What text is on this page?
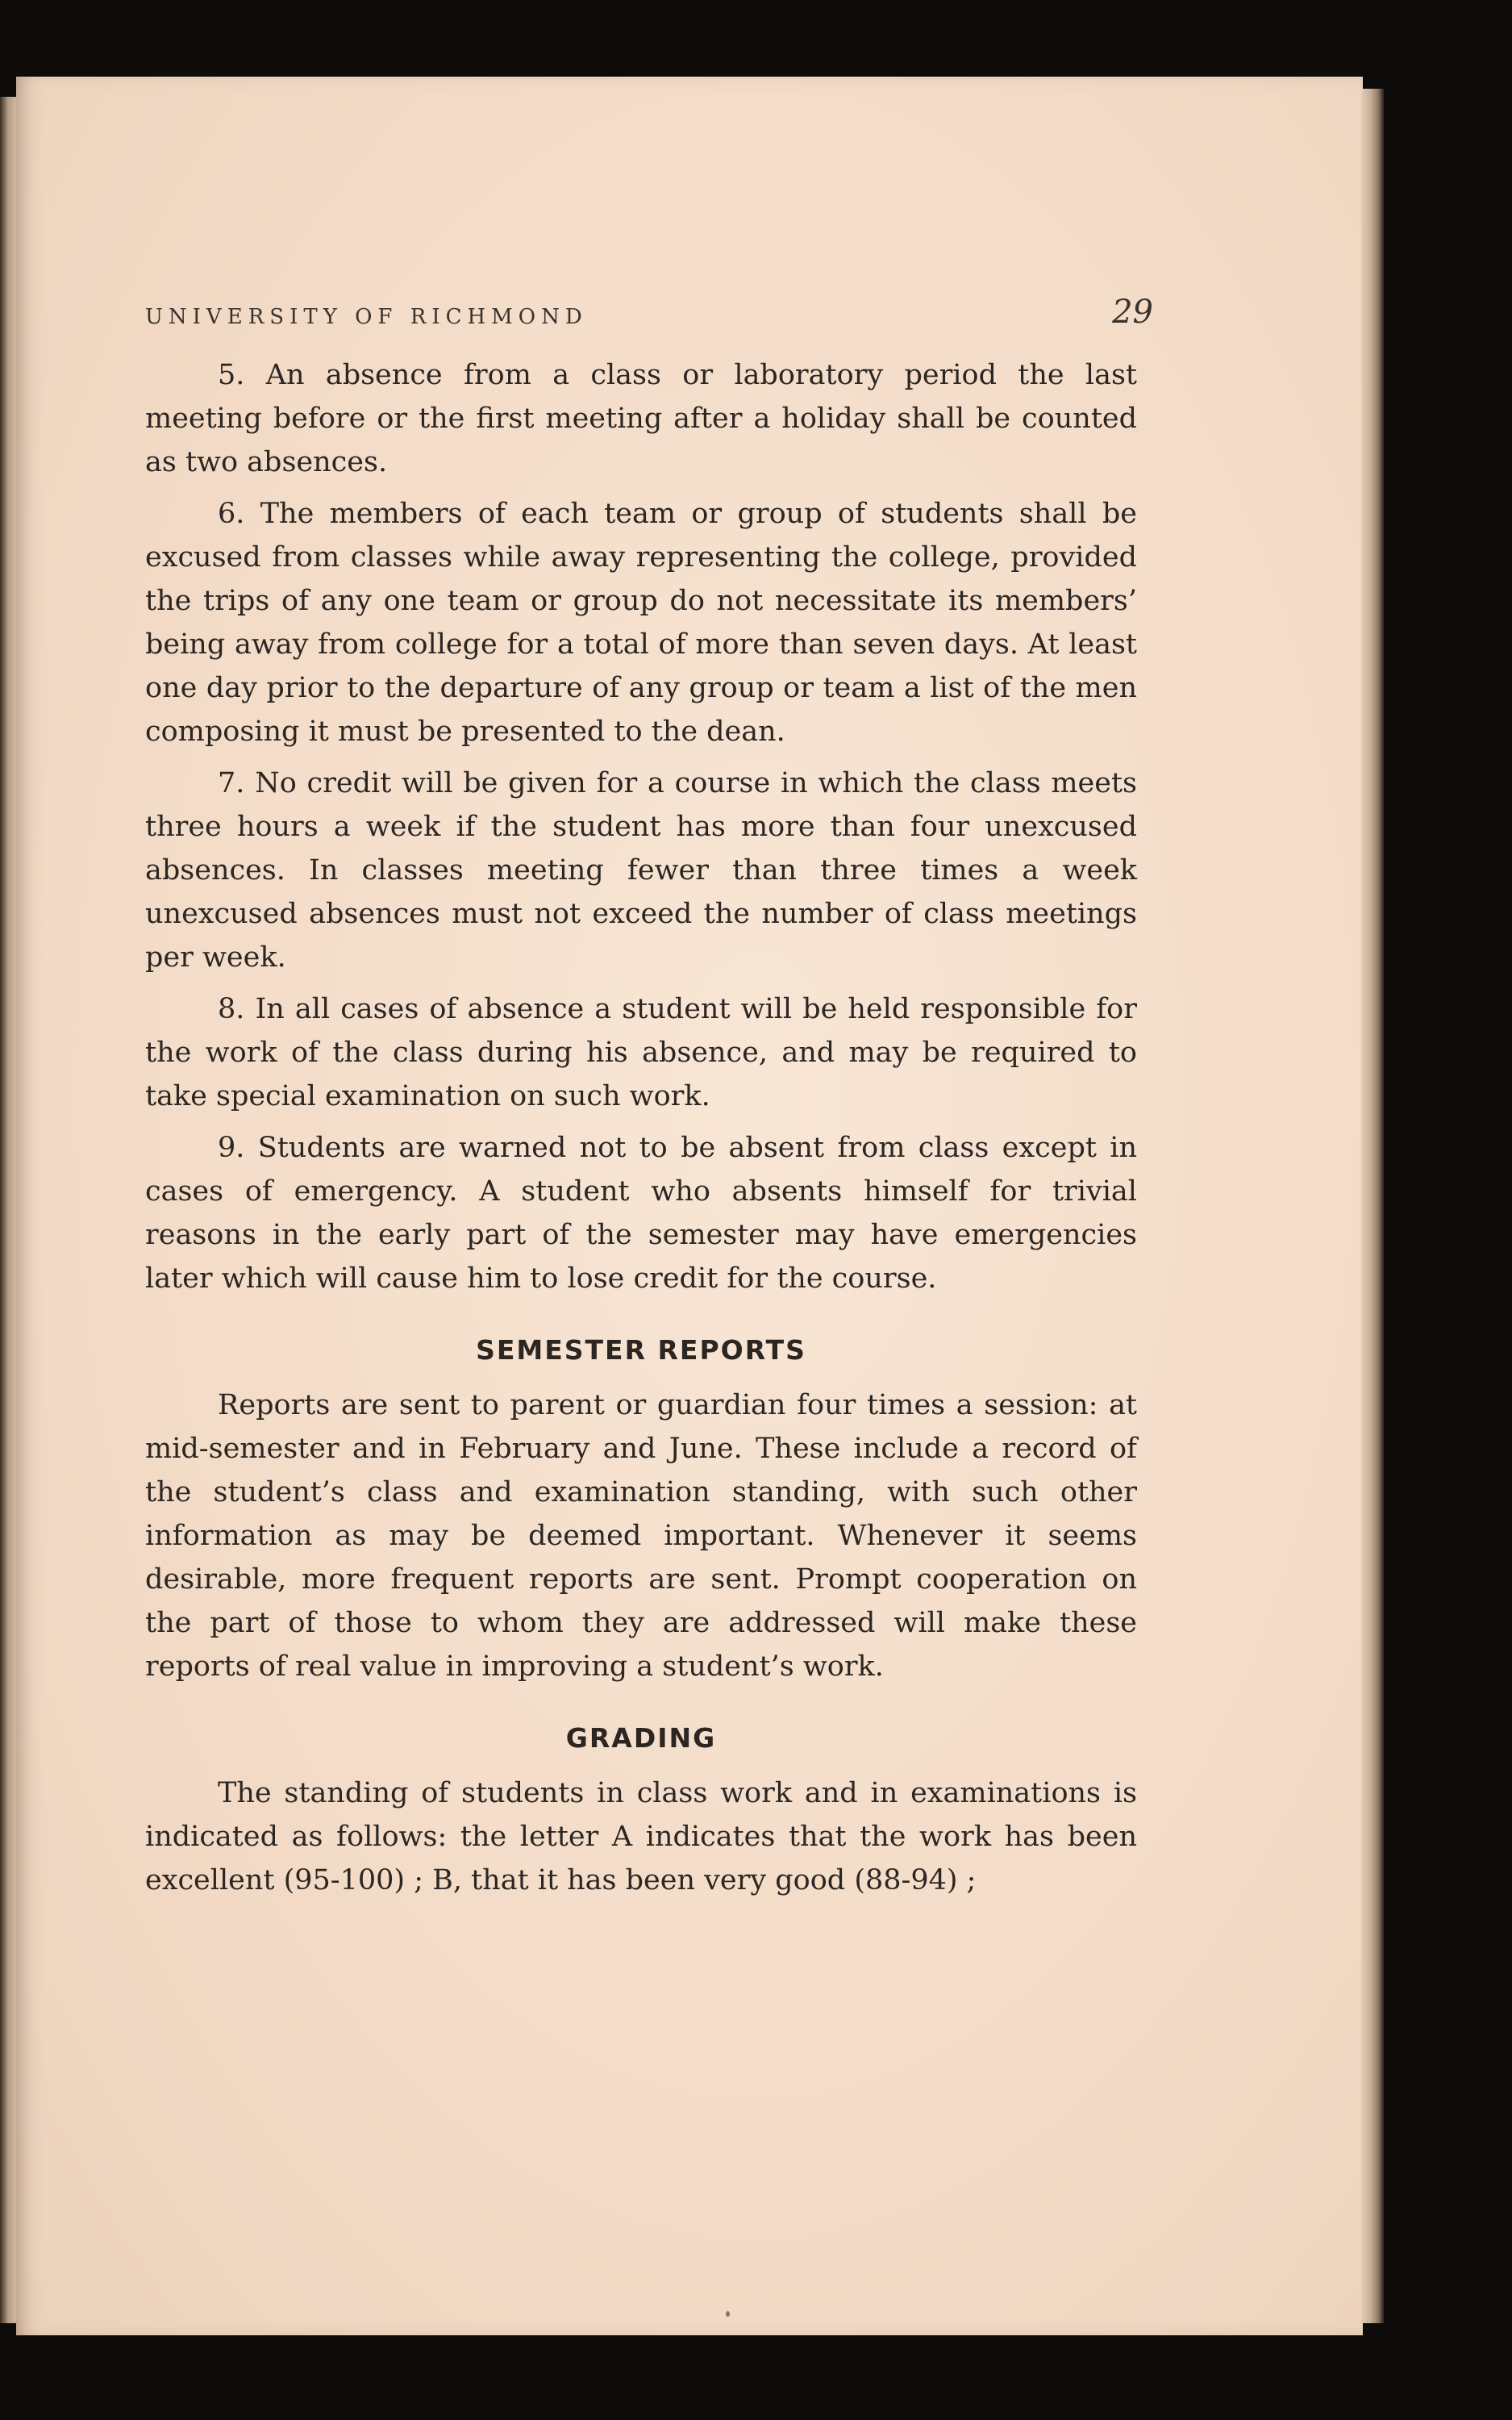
UNIVERSITY OF RICHMOND	29

5. An absence from a class or laboratory period the last meeting before or the first meeting after a holiday shall be counted as two absences.

6. The members of each team or group of students shall be excused from classes while away representing the college, provided the trips of any one team or group do not necessitate its members’ being away from college for a total of more than seven days. At least one day prior to the departure of any group or team a list of the men composing it must be presented to the dean.

7. No credit will be given for a course in which the class meets three hours a week if the student has more than four unexcused absences. In classes meeting fewer than three times a week unexcused absences must not exceed the number of class meetings per week.

8. In all cases of absence a student will be held responsible for the work of the class during his absence, and may be required to take special examination on such work.

9. Students are warned not to be absent from class except in cases of emergency. A student who absents himself for trivial reasons in the early part of the semester may have emergencies later which will cause him to lose credit for the course.

SEMESTER REPORTS

Reports are sent to parent or guardian four times a session: at mid-semester and in February and June. These include a record of the student’s class and examination standing, with such other information as may be deemed important. Whenever it seems desirable, more frequent reports are sent. Prompt cooperation on the part of those to whom they are addressed will make these reports of real value in improving a student’s work.

GRADING

The standing of students in class work and in examinations is indicated as follows: the letter A indicates that the work has been excellent (95-100) ; B, that it has been very good (88-94) ;
